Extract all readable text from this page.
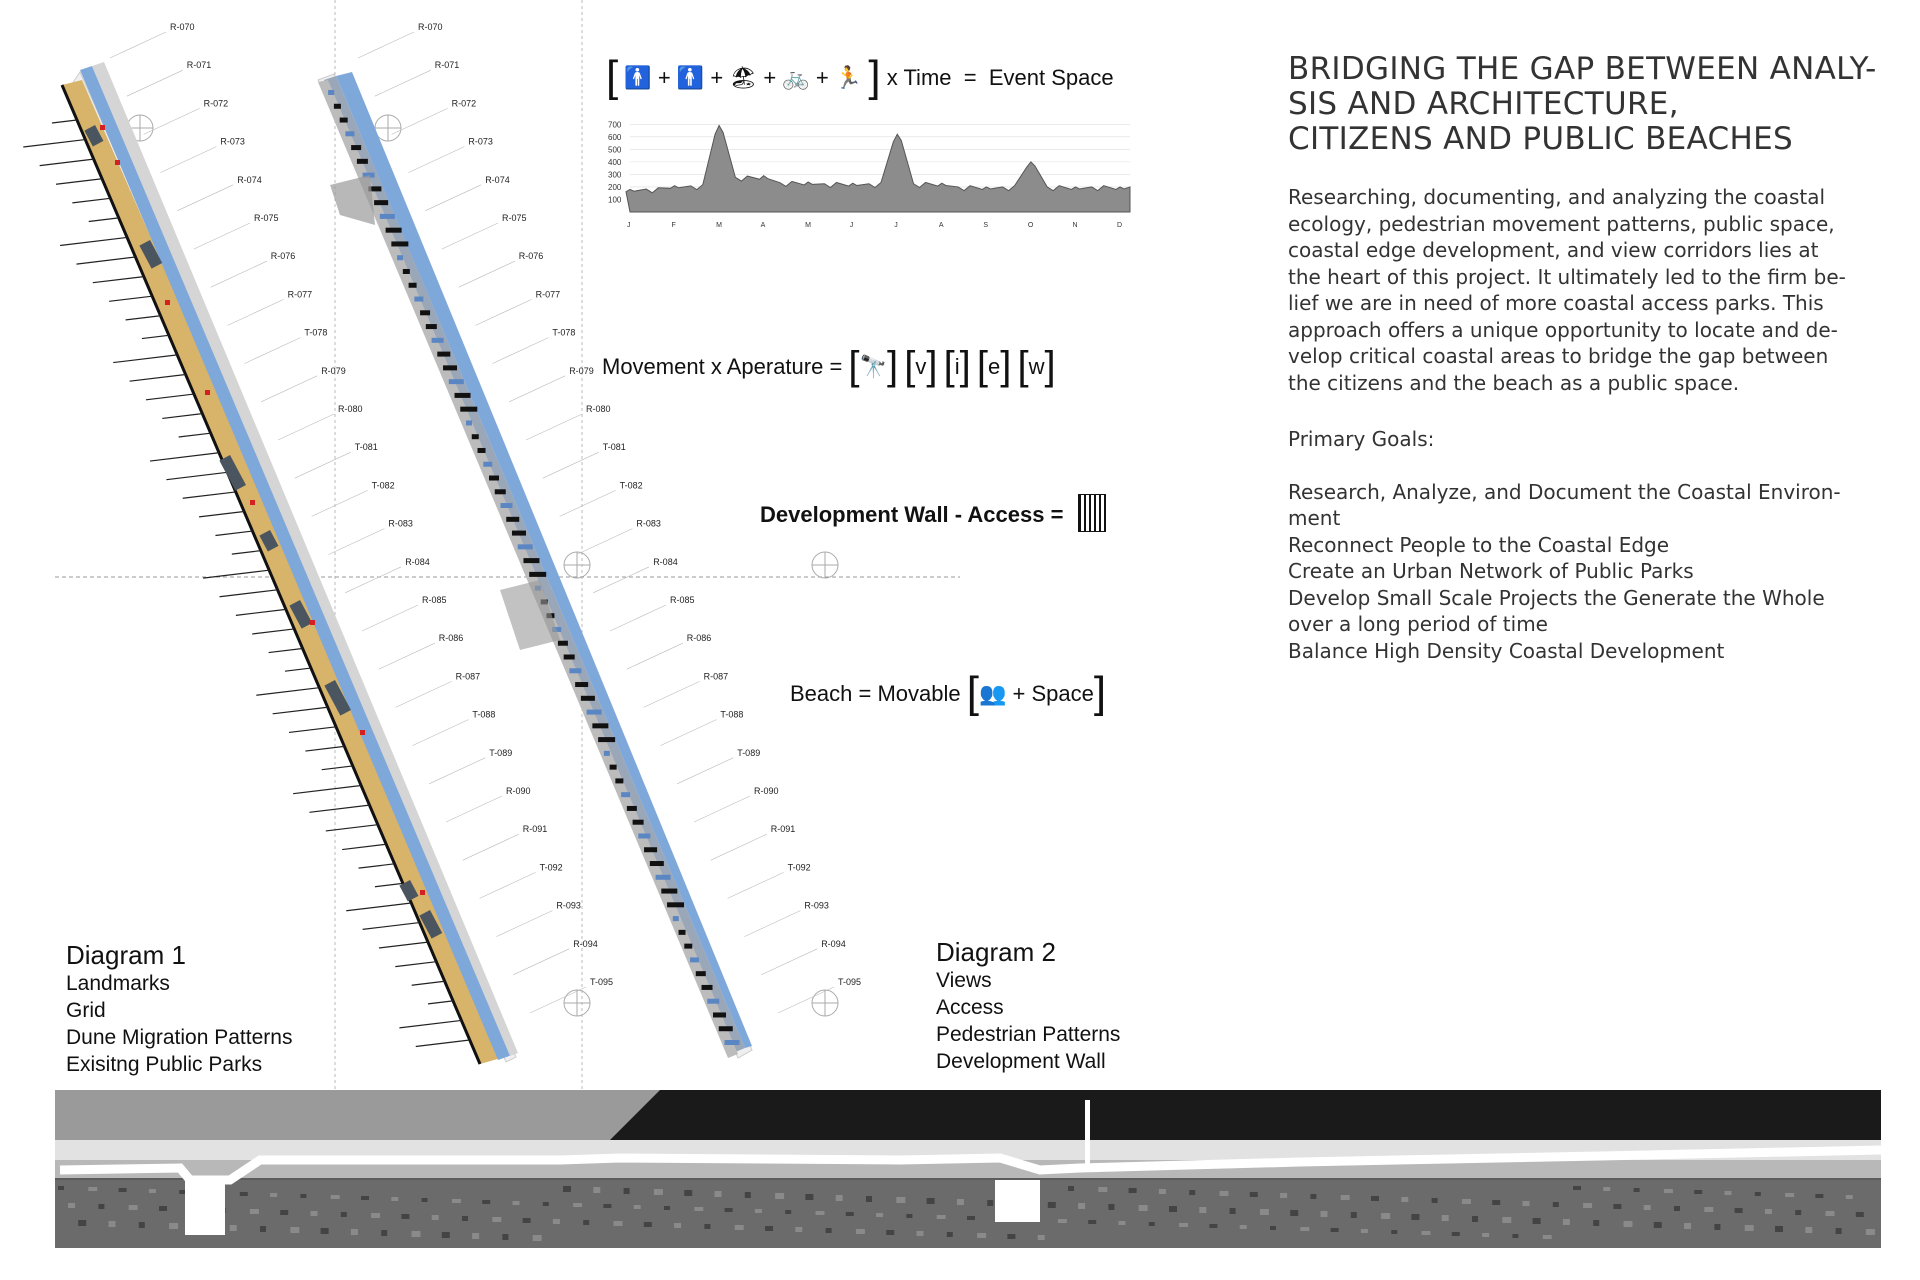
R-070
R-071
R-072
R-073
R-074
R-075
R-076
R-077
T-078
R-079
R-080
T-081
T-082
R-083
R-084
R-085
R-086
R-087
T-088
T-089
R-090
R-091
T-092
R-093
R-094
T-095
R-070
R-071
R-072
R-073
R-074
R-075
R-076
R-077
T-078
R-079
R-080
T-081
T-082
R-083
R-084
R-085
R-086
R-087
T-088
T-089
R-090
R-091
T-092
R-093
R-094
T-095
100
200
300
400
500
600
700
J	F	M	A	M	J	J	A	S	O	N	D
[ 🚹 + 🚹 + 🏖 + 🚲 + 🏃 ] x Time = Event Space
Movement x Aperature = [🔭] [v] [i] [e] [w]
Development Wall - Access =
Beach = Movable [👥 + Space]
Diagram 1
Landmarks
Grid
Dune Migration Patterns
Exisitng Public Parks
Diagram 2
Views
Access
Pedestrian Patterns
Development Wall
BRIDGING THE GAP BETWEEN ANALY-
SIS AND ARCHITECTURE,
CITIZENS AND PUBLIC BEACHES

Researching, documenting, and analyzing the coastal

ecology, pedestrian movement patterns, public space,

coastal edge development, and view corridors lies at

the heart of this project. It ultimately led to the firm be-

lief we are in need of more coastal access parks. This

approach offers a unique opportunity to locate and de-

velop critical coastal areas to bridge the gap between

the citizens and the beach as a public space.

Primary Goals:
Research, Analyze, and Document the Coastal Environ-
ment
Reconnect People to the Coastal Edge
Create an Urban Network of Public Parks
Develop Small Scale Projects the Generate the Whole
over a long period of time
Balance High Density Coastal Development
